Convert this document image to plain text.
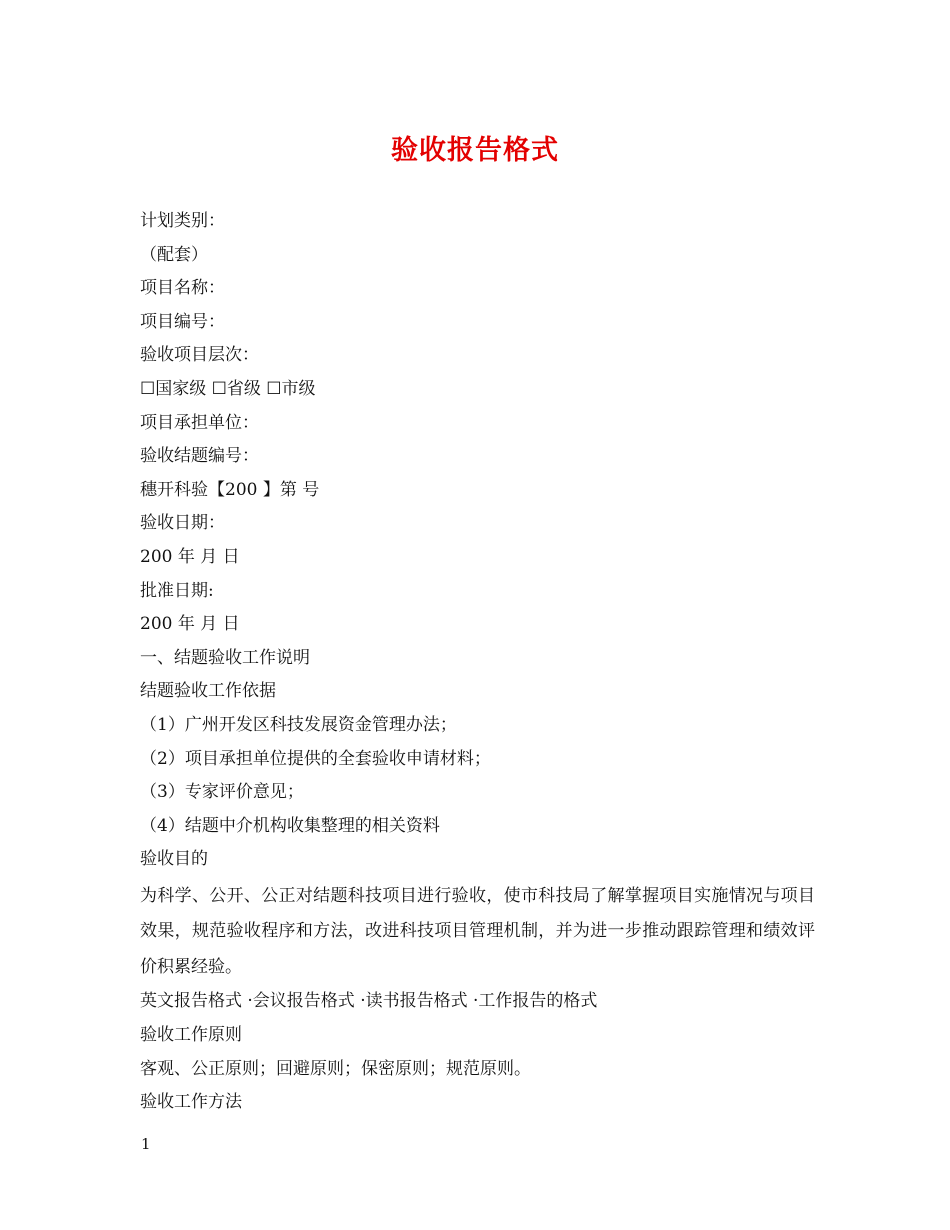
验收报告格式
计划类别：
（配套）
项目名称：
项目编号：
验收项目层次：
☐国家级 ☐省级 ☐市级
项目承担单位：
验收结题编号：
穗开科验【200 】第 号
验收日期：
200 年 月 日
批准日期:
200 年 月 日
一、结题验收工作说明
结题验收工作依据
（1）广州开发区科技发展资金管理办法；
（2）项目承担单位提供的全套验收申请材料；
（3）专家评价意见；
（4）结题中介机构收集整理的相关资料
验收目的

为科学、公开、公正对结题科技项目进行验收，使市科技局了解掌握项目实施情况与项目效果，规范验收程序和方法，改进科技项目管理机制，并为进一步推动跟踪管理和绩效评价积累经验。

英文报告格式 ·会议报告格式 ·读书报告格式 ·工作报告的格式
验收工作原则
客观、公正原则；回避原则；保密原则；规范原则。
验收工作方法
1
